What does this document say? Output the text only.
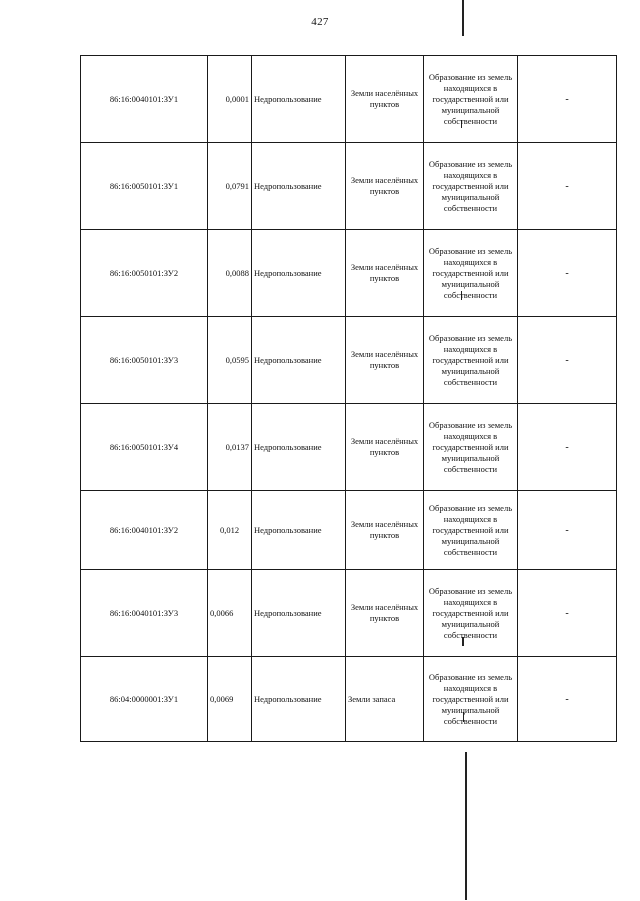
427
86:16:0040101:ЗУ1	0,0001	Недропользование	Земли населённых пунктов	Образование из земель находящихся в государственной или муниципальной собственности	-
86:16:0050101:ЗУ1	0,0791	Недропользование	Земли населённых пунктов	Образование из земель находящихся в государственной или муниципальной собственности	-
86:16:0050101:ЗУ2	0,0088	Недропользование	Земли населённых пунктов	Образование из земель находящихся в государственной или муниципальной собственности	-
86:16:0050101:ЗУ3	0,0595	Недропользование	Земли населённых пунктов	Образование из земель находящихся в государственной или муниципальной собственности	-
86:16:0050101:ЗУ4	0,0137	Недропользование	Земли населённых пунктов	Образование из земель находящихся в государственной или муниципальной собственности	-
86:16:0040101:ЗУ2	0,012	Недропользование	Земли населённых пунктов	Образование из земель находящихся в государственной или муниципальной собственности	-
86:16:0040101:ЗУ3	0,0066	Недропользование	Земли населённых пунктов	Образование из земель находящихся в государственной или муниципальной собственности	-
86:04:0000001:ЗУ1	0,0069	Недропользование	Земли запаса	Образование из земель находящихся в государственной или муниципальной собственности	-
